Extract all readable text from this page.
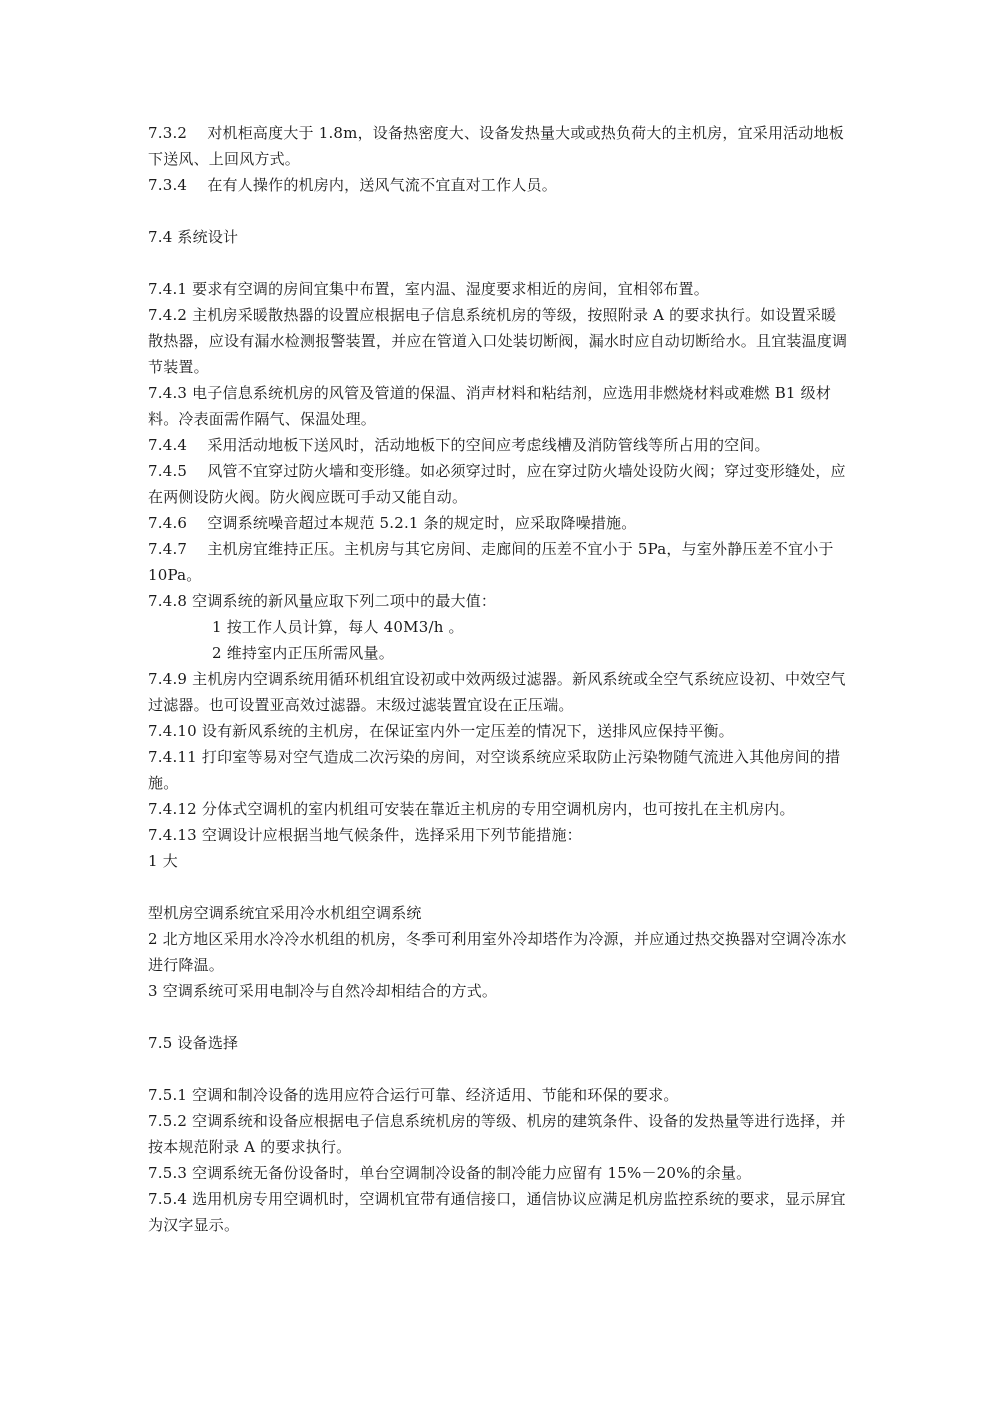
7.3.2　 对机柜高度大于 1.8m，设备热密度大、设备发热量大或或热负荷大的主机房，宜采用活动地板下送风、上回风方式。

7.3.4　 在有人操作的机房内，送风气流不宜直对工作人员。

7.4 系统设计

7.4.1 要求有空调的房间宜集中布置，室内温、湿度要求相近的房间，宜相邻布置。

7.4.2 主机房采暖散热器的设置应根据电子信息系统机房的等级，按照附录 A 的要求执行。如设置采暖散热器，应设有漏水检测报警装置，并应在管道入口处装切断阀，漏水时应自动切断给水。且宜装温度调节装置。

7.4.3 电子信息系统机房的风管及管道的保温、消声材料和粘结剂，应选用非燃烧材料或难燃 B1 级材料。冷表面需作隔气、保温处理。

7.4.4　 采用活动地板下送风时，活动地板下的空间应考虑线槽及消防管线等所占用的空间。

7.4.5　 风管不宜穿过防火墙和变形缝。如必须穿过时，应在穿过防火墙处设防火阀；穿过变形缝处，应在两侧设防火阀。防火阀应既可手动又能自动。

7.4.6　 空调系统噪音超过本规范 5.2.1 条的规定时，应采取降噪措施。

7.4.7　 主机房宜维持正压。主机房与其它房间、走廊间的压差不宜小于 5Pa，与室外静压差不宜小于 10Pa。

7.4.8 空调系统的新风量应取下列二项中的最大值：

1 按工作人员计算，每人 40M3/h 。

2 维持室内正压所需风量。

7.4.9 主机房内空调系统用循环机组宜设初或中效两级过滤器。新风系统或全空气系统应设初、中效空气过滤器。也可设置亚高效过滤器。末级过滤装置宜设在正压端。

7.4.10 设有新风系统的主机房，在保证室内外一定压差的情况下，送排风应保持平衡。

7.4.11 打印室等易对空气造成二次污染的房间，对空谈系统应采取防止污染物随气流进入其他房间的措施。

7.4.12 分体式空调机的室内机组可安装在靠近主机房的专用空调机房内，也可按扎在主机房内。

7.4.13 空调设计应根据当地气候条件，选择采用下列节能措施：

1 大

型机房空调系统宜采用冷水机组空调系统

2 北方地区采用水冷冷水机组的机房，冬季可利用室外冷却塔作为冷源，并应通过热交换器对空调冷冻水进行降温。

3 空调系统可采用电制冷与自然冷却相结合的方式。

7.5 设备选择

7.5.1 空调和制冷设备的选用应符合运行可靠、经济适用、节能和环保的要求。

7.5.2 空调系统和设备应根据电子信息系统机房的等级、机房的建筑条件、设备的发热量等进行选择，并按本规范附录 A 的要求执行。

7.5.3 空调系统无备份设备时，单台空调制冷设备的制冷能力应留有 15%－20%的余量。

7.5.4 选用机房专用空调机时，空调机宜带有通信接口，通信协议应满足机房监控系统的要求，显示屏宜为汉字显示。
